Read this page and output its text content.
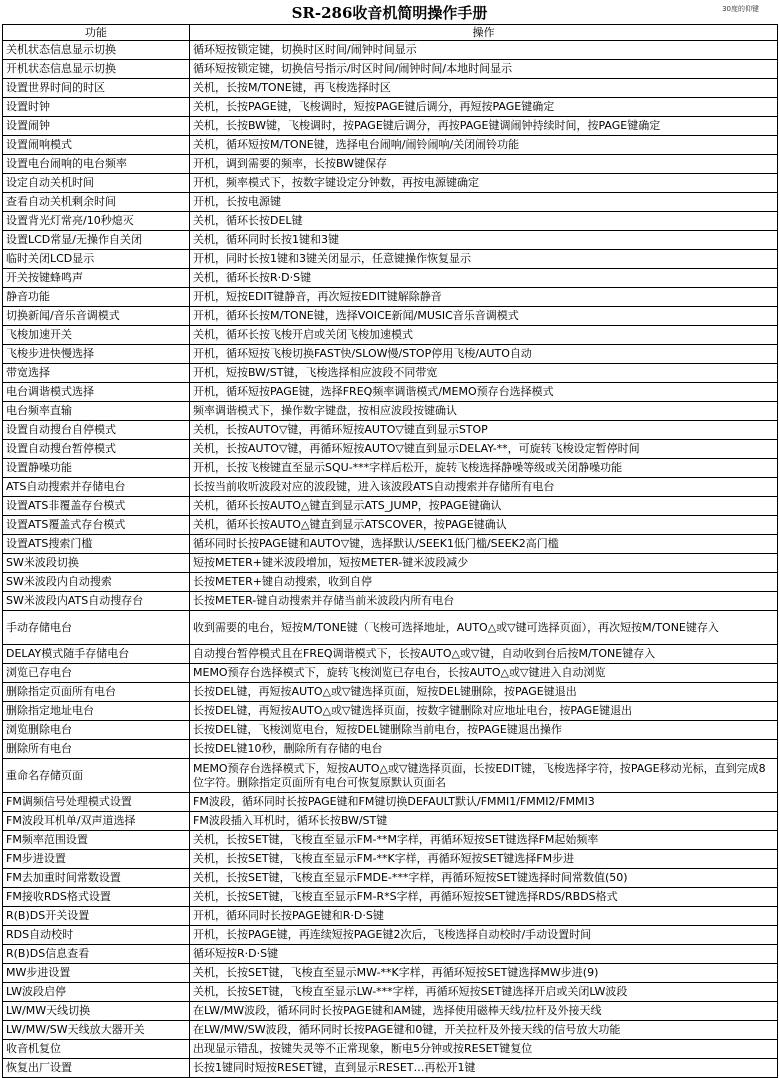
SR-286收音机简明操作手册	30度的仰键
功能	操作
关机状态信息显示切换	循环短按锁定键，切换时区时间/闹钟时间显示
开机状态信息显示切换	循环短按锁定键，切换信号指示/时区时间/闹钟时间/本地时间显示
设置世界时间的时区	关机，长按M/TONE键，再飞梭选择时区
设置时钟	关机，长按PAGE键，飞梭调时，短按PAGE键后调分，再短按PAGE键确定
设置闹钟	关机，长按BW键，飞梭调时，按PAGE键后调分，再按PAGE键调闹钟持续时间，按PAGE键确定
设置闹响模式	关机，循环短按M/TONE键，选择电台闹响/闹铃闹响/关闭闹铃功能
设置电台闹响的电台频率	开机，调到需要的频率，长按BW键保存
设定自动关机时间	开机，频率模式下，按数字键设定分钟数，再按电源键确定
查看自动关机剩余时间	开机，长按电源键
设置背光灯常亮/10秒熄灭	关机，循环长按DEL键
设置LCD常显/无操作自关闭	关机，循环同时长按1键和3键
临时关闭LCD显示	开机，同时长按1键和3键关闭显示，任意键操作恢复显示
开关按键蜂鸣声	关机，循环长按R·D·S键
静音功能	开机，短按EDIT键静音，再次短按EDIT键解除静音
切换新闻/音乐音调模式	开机，循环长按M/TONE键，选择VOICE新闻/MUSIC音乐音调模式
飞梭加速开关	关机，循环长按飞梭开启或关闭飞梭加速模式
飞梭步进快慢选择	开机，循环短按飞梭切换FAST快/SLOW慢/STOP停用飞梭/AUTO自动
带宽选择	开机，短按BW/ST键，飞梭选择相应波段不同带宽
电台调谐模式选择	开机，循环短按PAGE键，选择FREQ频率调谐模式/MEMO预存台选择模式
电台频率直输	频率调谐模式下，操作数字键盘，按相应波段按键确认
设置自动搜台自停模式	关机，长按AUTO▽键，再循环短按AUTO▽键直到显示STOP
设置自动搜台暂停模式	关机，长按AUTO▽键，再循环短按AUTO▽键直到显示DELAY-**，可旋转飞梭设定暂停时间
设置静噪功能	开机，长按飞梭键直至显示SQU-***字样后松开，旋转飞梭选择静噪等级或关闭静噪功能
ATS自动搜索并存储电台	长按当前收听波段对应的波段键，进入该波段ATS自动搜索并存储所有电台
设置ATS非覆盖存台模式	关机，循环长按AUTO△键直到显示ATS_JUMP，按PAGE键确认
设置ATS覆盖式存台模式	关机，循环长按AUTO△键直到显示ATSCOVER，按PAGE键确认
设置ATS搜索门槛	循环同时长按PAGE键和AUTO▽键，选择默认/SEEK1低门槛/SEEK2高门槛
SW米波段切换	短按METER+键米波段增加，短按METER-键米波段减少
SW米波段内自动搜索	长按METER+键自动搜索，收到自停
SW米波段内ATS自动搜存台	长按METER-键自动搜索并存储当前米波段内所有电台
手动存储电台	收到需要的电台，短按M/TONE键（飞梭可选择地址，AUTO△或▽键可选择页面），再次短按M/TONE键存入
DELAY模式随手存储电台	自动搜台暂停模式且在FREQ调谐模式下，长按AUTO△或▽键，自动收到台后按M/TONE键存入
浏览已存电台	MEMO预存台选择模式下，旋转飞梭浏览已存电台，长按AUTO△或▽键进入自动浏览
删除指定页面所有电台	长按DEL键，再短按AUTO△或▽键选择页面，短按DEL键删除，按PAGE键退出
删除指定地址电台	长按DEL键，再短按AUTO△或▽键选择页面，按数字键删除对应地址电台，按PAGE键退出
浏览删除电台	长按DEL键，飞梭浏览电台，短按DEL键删除当前电台，按PAGE键退出操作
删除所有电台	长按DEL键10秒，删除所有存储的电台
重命名存储页面	MEMO预存台选择模式下，短按AUTO△或▽键选择页面，长按EDIT键，飞梭选择字符，按PAGE移动光标，直到完成8位字符。删除指定页面所有电台可恢复原默认页面名
FM调频信号处理模式设置	FM波段，循环同时长按PAGE键和FM键切换DEFAULT默认/FMMI1/FMMI2/FMMI3
FM波段耳机单/双声道选择	FM波段插入耳机时，循环长按BW/ST键
FM频率范围设置	关机，长按SET键，飞梭直至显示FM-**M字样，再循环短按SET键选择FM起始频率
FM步进设置	关机，长按SET键，飞梭直至显示FM-**K字样，再循环短按SET键选择FM步进
FM去加重时间常数设置	关机，长按SET键，飞梭直至显示FMDE-***字样，再循环短按SET键选择时间常数值(50)
FM接收RDS格式设置	关机，长按SET键，飞梭直至显示FM-R*S字样，再循环短按SET键选择RDS/RBDS格式
R(B)DS开关设置	开机，循环同时长按PAGE键和R·D·S键
RDS自动校时	开机，长按PAGE键，再连续短按PAGE键2次后，飞梭选择自动校时/手动设置时间
R(B)DS信息查看	循环短按R·D·S键
MW步进设置	关机，长按SET键，飞梭直至显示MW-**K字样，再循环短按SET键选择MW步进(9)
LW波段启停	关机，长按SET键，飞梭直至显示LW-***字样，再循环短按SET键选择开启或关闭LW波段
LW/MW天线切换	在LW/MW波段，循环同时长按PAGE键和AM键，选择使用磁棒天线/拉杆及外接天线
LW/MW/SW天线放大器开关	在LW/MW/SW波段，循环同时长按PAGE键和0键，开关拉杆及外接天线的信号放大功能
收音机复位	出现显示错乱，按键失灵等不正常现象，断电5分钟或按RESET键复位
恢复出厂设置	长按1键同时短按RESET键，直到显示RESET…再松开1键
